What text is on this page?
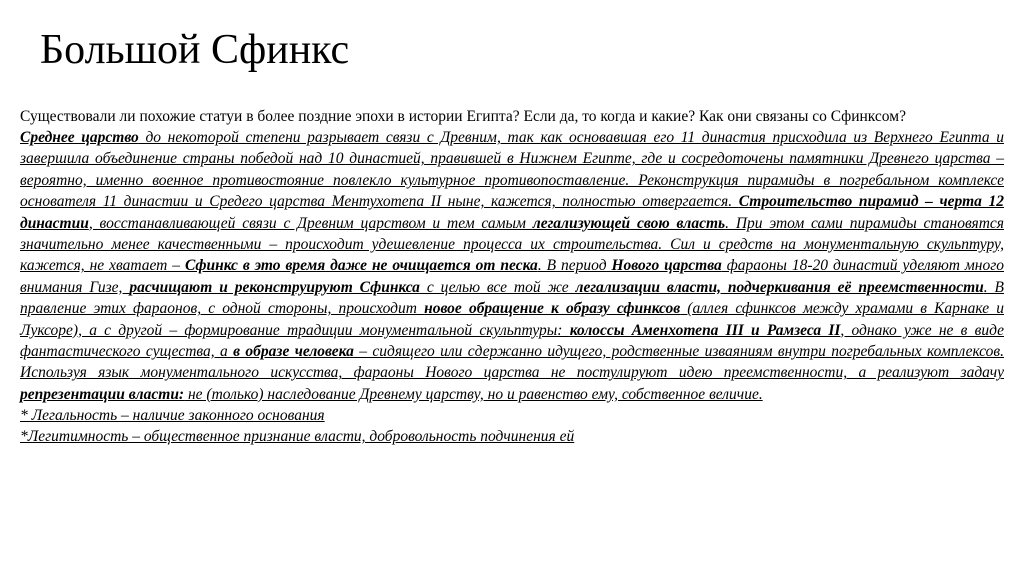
Большой Сфинкс

Существовали ли похожие статуи в более поздние эпохи в истории Египта? Если да, то когда и какие? Как они связаны со Сфинксом?

Среднее царство до некоторой степени разрывает связи с Древним, так как основавшая его 11 династия присходила из Верхнего Египта и завершила объединение страны победой над 10 династией, правившей в Нижнем Египте, где и сосредоточены памятники Древнего царства – вероятно, именно военное противостояние повлекло культурное противопоставление. Реконструкция пирамиды в погребальном комплексе основателя 11 династии и Средего царства Ментухотепа II ныне, кажется, полностью отвергается. Строительство пирамид – черта 12 династии, восстанавливающей связи с Древним царством и тем самым легализующей свою власть. При этом сами пирамиды становятся значительно менее качественными – происходит удешевление процесса их строительства. Сил и средств на монументальную скульптуру, кажется, не хватает – Сфинкс в это время даже не очищается от песка. В период Нового царства фараоны 18-20 династий уделяют много внимания Гизе, расчищают и реконструируют Сфинкса с целью все той же легализации власти, подчеркивания её преемственности. В правление этих фараонов, с одной стороны, происходит новое обращение к образу сфинксов (аллея сфинксов между храмами в Карнаке и Луксоре), а с другой – формирование традиции монументальной скульптуры: колоссы Аменхотепа III и Рамзеса II, однако уже не в виде фантастического существа, а в образе человека – сидящего или сдержанно идущего, родственные изваяниям внутри погребальных комплексов. Используя язык монументального искусства, фараоны Нового царства не постулируют идею преемственности, а реализуют задачу репрезентации власти: не (только) наследование Древнему царству, но и равенство ему, собственное величие.

* Легальность – наличие законного основания

*Легитимность – общественное признание власти, добровольность подчинения ей
